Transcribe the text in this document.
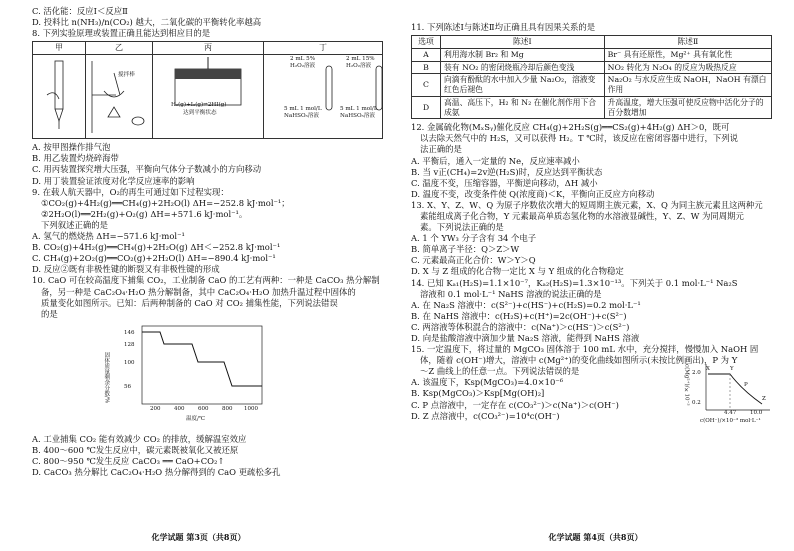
C. 活化能：反应Ⅰ＜反应Ⅱ
D. 投料比 n(NH₃)/n(CO₂) 越大，二氧化碳的平衡转化率越高
8. 下列实验原理或装置正确且能达到相应目的是
甲	乙
搅拌棒
丙
H₂(g)+I₂(g)⇌2HI(g)
达到平衡状态
丁
2 mL 5% H₂O₂溶液
2 mL 15% H₂O₂溶液
5 mL 1 mol/L NaHSO₃溶液
5 mL 1 mol/L NaHSO₃溶液
A. 按甲图操作排气泡
B. 用乙装置灼烧碎海带
C. 用丙装置探究增大压强，平衡向气体分子数减小的方向移动
D. 用丁装置验证浓度对化学反应速率的影响
9. 在载人航天器中，O₂的再生可通过如下过程实现：
①CO₂(g)+4H₂(g)══CH₄(g)+2H₂O(l) ΔH=−252.8 kJ·mol⁻¹；
②2H₂O(l)══2H₂(g)+O₂(g) ΔH=+571.6 kJ·mol⁻¹。
下列叙述正确的是
A. 氢气的燃烧热 ΔH=−571.6 kJ·mol⁻¹
B. CO₂(g)+4H₂(g)══CH₄(g)+2H₂O(g) ΔH＜−252.8 kJ·mol⁻¹
C. CH₄(g)+2O₂(g)══CO₂(g)+2H₂O(l) ΔH=−890.4 kJ·mol⁻¹
D. 反应②既有非极性键的断裂又有非极性键的形成
10. CaO 可在较高温度下捕集 CO₂，工业制备 CaO 的工艺有两种：一种是 CaCO₃ 热分解制
备，另一种是 CaC₂O₄·H₂O 热分解制备，其中 CaC₂O₄·H₂O 加热升温过程中固体的
质量变化如图所示。已知：后两种制备的 CaO 对 CO₂ 捕集性能，下列说法错误
的是
146
128
100
56
200 400 600 800 1000
温度/℃
固体质量剩余分数/%
A. 工业捕集 CO₂ 能有效减少 CO₂ 的排放，缓解温室效应
B. 400～600 ℃发生反应中，碳元素既被氧化又被还原
C. 800～950 ℃发生反应 CaCO₃ ══ CaO+CO₂↑
D. CaCO₃ 热分解比 CaC₂O₄·H₂O 热分解得到的 CaO 更疏松多孔
化学试题 第3页（共8页）
11. 下列陈述Ⅰ与陈述Ⅱ均正确且具有因果关系的是
选项	陈述Ⅰ	陈述Ⅱ
A	利用海水制 Br₂ 和 Mg	Br⁻ 具有还原性，Mg²⁺ 具有氧化性
B	装有 NO₂ 的密闭烧瓶冷却后颜色变浅	NO₂ 转化为 N₂O₄ 的反应为吸热反应
C	向滴有酚酞的水中加入少量 Na₂O₂，溶液变红色后褪色	Na₂O₂ 与水反应生成 NaOH，NaOH 有漂白作用
D	高温、高压下，H₂ 和 N₂ 在催化剂作用下合成氨	升高温度，增大压强可使反应物中活化分子的百分数增加
12. 金属硫化物(MₓSᵧ)催化反应 CH₄(g)+2H₂S(g)══CS₂(g)+4H₂(g) ΔH＞0，既可
以去除天然气中的 H₂S，又可以获得 H₂。T ℃时，该反应在密闭容器中进行，下列说
法正确的是
A. 平衡后，通入一定量的 Ne，反应速率减小
B. 当 v正(CH₄)=2v逆(H₂S)时，反应达到平衡状态
C. 温度不变，压缩容器，平衡逆向移动，ΔH 减小
D. 温度不变，改变条件使 Q(浓度商)＜K，平衡向正反应方向移动
13. X、Y、Z、W、Q 为原子序数依次增大的短周期主族元素，X、Q 为同主族元素且这两种元
素能组成离子化合物，Y 元素最高单质态氢化物的水溶液显碱性，Y、Z、W 为同周期元
素。下列说法正确的是
A. 1 个 YW₃ 分子含有 34 个电子
B. 简单离子半径：Q＞Z＞W
C. 元素最高正化合价：W＞Y＞Q
D. X 与 Z 组成的化合物一定比 X 与 Y 组成的化合物稳定
14. 已知 Kₐ₁(H₂S)=1.1×10⁻⁷，Kₐ₂(H₂S)=1.3×10⁻¹³。下列关于 0.1 mol·L⁻¹ Na₂S
溶液和 0.1 mol·L⁻¹ NaHS 溶液的说法正确的是
A. 在 Na₂S 溶液中：c(S²⁻)+c(HS⁻)+c(H₂S)=0.2 mol·L⁻¹
B. 在 NaHS 溶液中：c(H₂S)+c(H⁺)=2c(OH⁻)+c(S²⁻)
C. 两溶液等体积混合的溶液中：c(Na⁺)＞c(HS⁻)＞c(S²⁻)
D. 向是盐酸溶液中滴加少量 Na₂S 溶液，能得到 NaHS 溶液
15. 一定温度下，将过量的 MgCO₃ 固体溶于 100 mL 水中，充分搅拌，慢慢加入 NaOH 固
体，随着 c(OH⁻)增大，溶液中 c(Mg²⁺)的变化曲线如图所示(未按比例画出)，P 为 Y
～Z 曲线上的任意一点。下列说法错误的是
A. 该温度下，Ksp(MgCO₃)=4.0×10⁻⁶
B. Ksp(MgCO₃)＞Ksp[Mg(OH)₂]
C. P 点溶液中，一定存在 c(CO₃²⁻)＞c(Na⁺)＞c(OH⁻)
D. Z 点溶液中，c(CO₃²⁻)=10⁴c(OH⁻)
X	Y
Z
P
2.0
0.2
4.47	10.0
c(OH⁻)/×10⁻³ mol·L⁻¹
c(Mg²⁺)/×10⁻³
化学试题 第4页（共8页）
